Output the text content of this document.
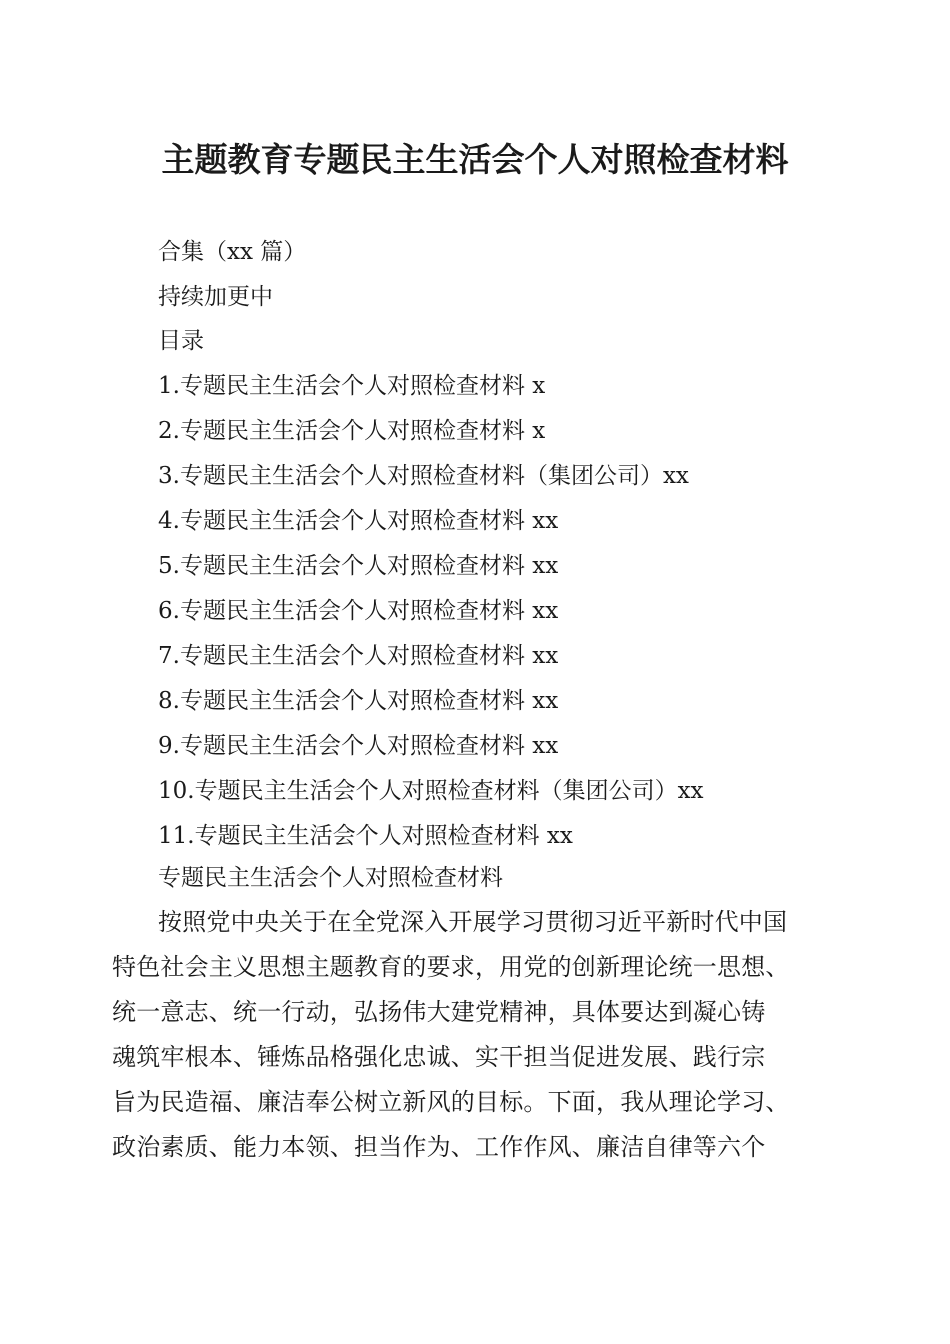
主题教育专题民主生活会个人对照检查材料

合集（xx 篇）

持续加更中

目录

1.专题民主生活会个人对照检查材料 x
2.专题民主生活会个人对照检查材料 x
3.专题民主生活会个人对照检查材料（集团公司）xx
4.专题民主生活会个人对照检查材料 xx
5.专题民主生活会个人对照检查材料 xx
6.专题民主生活会个人对照检查材料 xx
7.专题民主生活会个人对照检查材料 xx
8.专题民主生活会个人对照检查材料 xx
9.专题民主生活会个人对照检查材料 xx
10.专题民主生活会个人对照检查材料（集团公司）xx
11.专题民主生活会个人对照检查材料 xx

专题民主生活会个人对照检查材料

按照党中央关于在全党深入开展学习贯彻习近平新时代中国
特色社会主义思想主题教育的要求，用党的创新理论统一思想、
统一意志、统一行动，弘扬伟大建党精神，具体要达到凝心铸
魂筑牢根本、锤炼品格强化忠诚、实干担当促进发展、践行宗
旨为民造福、廉洁奉公树立新风的目标。下面，我从理论学习、
政治素质、能力本领、担当作为、工作作风、廉洁自律等六个
